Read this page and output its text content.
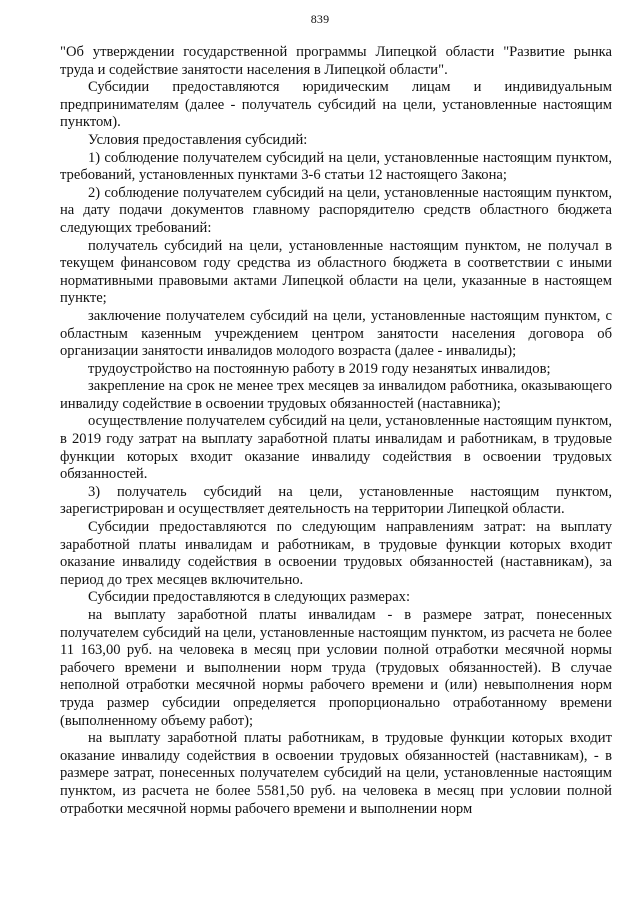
839

"Об утверждении государственной программы Липецкой области "Развитие рынка труда и содействие занятости населения в Липецкой области".

Субсидии предоставляются юридическим лицам и индивидуальным предпринимателям (далее - получатель субсидий на цели, установленные настоящим пунктом).

Условия предоставления субсидий:

1) соблюдение получателем субсидий на цели, установленные настоящим пунктом, требований, установленных пунктами 3-6 статьи 12 настоящего Закона;

2) соблюдение получателем субсидий на цели, установленные настоящим пунктом, на дату подачи документов главному распорядителю средств областного бюджета следующих требований:

получатель субсидий на цели, установленные настоящим пунктом, не получал в текущем финансовом году средства из областного бюджета в соответствии с иными нормативными правовыми актами Липецкой области на цели, указанные в настоящем пункте;

заключение получателем субсидий на цели, установленные настоящим пунктом, с областным казенным учреждением центром занятости населения договора об организации занятости инвалидов молодого возраста (далее - инвалиды);

трудоустройство на постоянную работу в 2019 году незанятых инвалидов;

закрепление на срок не менее трех месяцев за инвалидом работника, оказывающего инвалиду содействие в освоении трудовых обязанностей (наставника);

осуществление получателем субсидий на цели, установленные настоящим пунктом, в 2019 году затрат на выплату заработной платы инвалидам и работникам, в трудовые функции которых входит оказание инвалиду содействия в освоении трудовых обязанностей.

3) получатель субсидий на цели, установленные настоящим пунктом, зарегистрирован и осуществляет деятельность на территории Липецкой области.

Субсидии предоставляются по следующим направлениям затрат: на выплату заработной платы инвалидам и работникам, в трудовые функции которых входит оказание инвалиду содействия в освоении трудовых обязанностей (наставникам), за период до трех месяцев включительно.

Субсидии предоставляются в следующих размерах:

на выплату заработной платы инвалидам - в размере затрат, понесенных получателем субсидий на цели, установленные настоящим пунктом, из расчета не более 11 163,00 руб. на человека в месяц при условии полной отработки месячной нормы рабочего времени и выполнении норм труда (трудовых обязанностей). В случае неполной отработки месячной нормы рабочего времени и (или) невыполнения норм труда размер субсидии определяется пропорционально отработанному времени (выполненному объему работ);

на выплату заработной платы работникам, в трудовые функции которых входит оказание инвалиду содействия в освоении трудовых обязанностей (наставникам), - в размере затрат, понесенных получателем субсидий на цели, установленные настоящим пунктом, из расчета не более 5581,50 руб. на человека в месяц при условии полной отработки месячной нормы рабочего времени и выполнении норм
